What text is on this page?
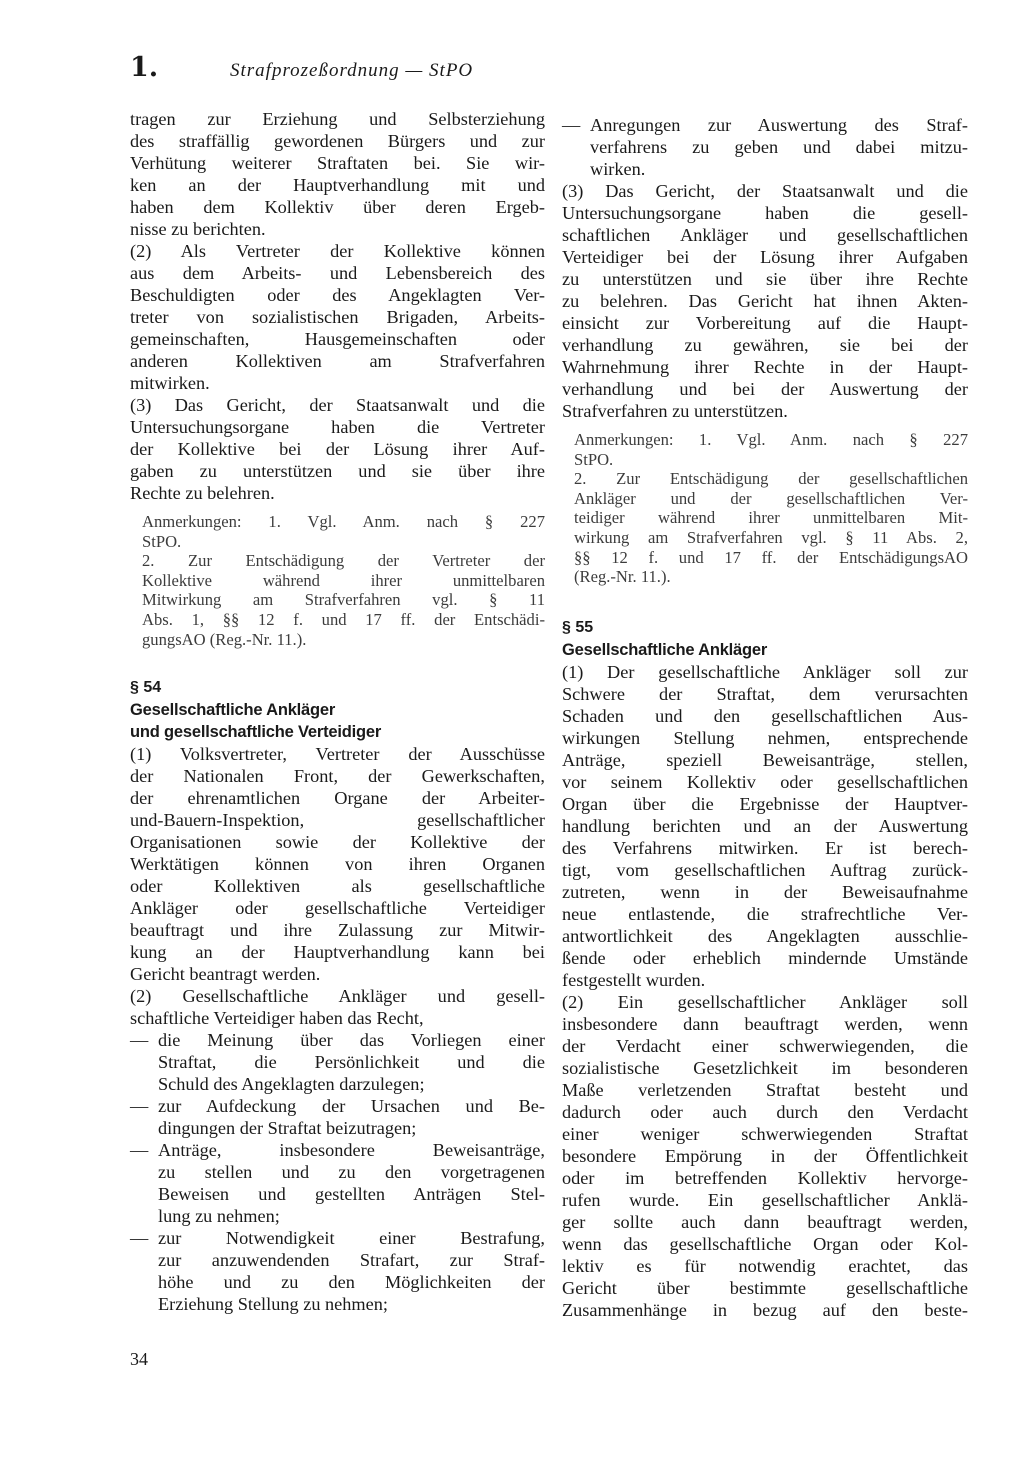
1.	Strafprozeßordnung — StPO
tragen zur Erziehung und Selbsterziehung
des straffällig gewordenen Bürgers und zur
Verhütung weiterer Straftaten bei. Sie wir-
ken an der Hauptverhandlung mit und
haben dem Kollektiv über deren Ergeb-
nisse zu berichten.
(2) Als Vertreter der Kollektive können
aus dem Arbeits- und Lebensbereich des
Beschuldigten oder des Angeklagten Ver-
treter von sozialistischen Brigaden, Arbeits-
gemeinschaften, Hausgemeinschaften oder
anderen Kollektiven am Strafverfahren
mitwirken.
(3) Das Gericht, der Staatsanwalt und die
Untersuchungsorgane haben die Vertreter
der Kollektive bei der Lösung ihrer Auf-
gaben zu unterstützen und sie über ihre
Rechte zu belehren.
Anmerkungen: 1. Vgl. Anm. nach § 227
StPO.
2. Zur Entschädigung der Vertreter der
Kollektive während ihrer unmittelbaren
Mitwirkung am Strafverfahren vgl. § 11
Abs. 1, §§ 12 f. und 17 ff. der Entschädi-
gungsAO (Reg.-Nr. 11.).
§ 54
Gesellschaftliche Ankläger
und gesellschaftliche Verteidiger
(1) Volksvertreter, Vertreter der Ausschüsse
der Nationalen Front, der Gewerkschaften,
der ehrenamtlichen Organe der Arbeiter-
und-Bauern-Inspektion, gesellschaftlicher
Organisationen sowie der Kollektive der
Werktätigen können von ihren Organen
oder Kollektiven als gesellschaftliche
Ankläger oder gesellschaftliche Verteidiger
beauftragt und ihre Zulassung zur Mitwir-
kung an der Hauptverhandlung kann bei
Gericht beantragt werden.
(2) Gesellschaftliche Ankläger und gesell-
schaftliche Verteidiger haben das Recht,
— die Meinung über das Vorliegen einer
Straftat, die Persönlichkeit und die
Schuld des Angeklagten darzulegen;
— zur Aufdeckung der Ursachen und Be-
dingungen der Straftat beizutragen;
— Anträge, insbesondere Beweisanträge,
zu stellen und zu den vorgetragenen
Beweisen und gestellten Anträgen Stel-
lung zu nehmen;
— zur Notwendigkeit einer Bestrafung,
zur anzuwendenden Strafart, zur Straf-
höhe und zu den Möglichkeiten der
Erziehung Stellung zu nehmen;
— Anregungen zur Auswertung des Straf-
verfahrens zu geben und dabei mitzu-
wirken.
(3) Das Gericht, der Staatsanwalt und die
Untersuchungsorgane haben die gesell-
schaftlichen Ankläger und gesellschaftlichen
Verteidiger bei der Lösung ihrer Aufgaben
zu unterstützen und sie über ihre Rechte
zu belehren. Das Gericht hat ihnen Akten-
einsicht zur Vorbereitung auf die Haupt-
verhandlung zu gewähren, sie bei der
Wahrnehmung ihrer Rechte in der Haupt-
verhandlung und bei der Auswertung der
Strafverfahren zu unterstützen.
Anmerkungen: 1. Vgl. Anm. nach § 227
StPO.
2. Zur Entschädigung der gesellschaftlichen
Ankläger und der gesellschaftlichen Ver-
teidiger während ihrer unmittelbaren Mit-
wirkung am Strafverfahren vgl. § 11 Abs. 2,
§§ 12 f. und 17 ff. der EntschädigungsAO
(Reg.-Nr. 11.).
§ 55
Gesellschaftliche Ankläger
(1) Der gesellschaftliche Ankläger soll zur
Schwere der Straftat, dem verursachten
Schaden und den gesellschaftlichen Aus-
wirkungen Stellung nehmen, entsprechende
Anträge, speziell Beweisanträge, stellen,
vor seinem Kollektiv oder gesellschaftlichen
Organ über die Ergebnisse der Hauptver-
handlung berichten und an der Auswertung
des Verfahrens mitwirken. Er ist berech-
tigt, vom gesellschaftlichen Auftrag zurück-
zutreten, wenn in der Beweisaufnahme
neue entlastende, die strafrechtliche Ver-
antwortlichkeit des Angeklagten ausschlie-
ßende oder erheblich mindernde Umstände
festgestellt wurden.
(2) Ein gesellschaftlicher Ankläger soll
insbesondere dann beauftragt werden, wenn
der Verdacht einer schwerwiegenden, die
sozialistische Gesetzlichkeit im besonderen
Maße verletzenden Straftat besteht und
dadurch oder auch durch den Verdacht
einer weniger schwerwiegenden Straftat
besondere Empörung in der Öffentlichkeit
oder im betreffenden Kollektiv hervorge-
rufen wurde. Ein gesellschaftlicher Anklä-
ger sollte auch dann beauftragt werden,
wenn das gesellschaftliche Organ oder Kol-
lektiv es für notwendig erachtet, das
Gericht über bestimmte gesellschaftliche
Zusammenhänge in bezug auf den beste-
34
